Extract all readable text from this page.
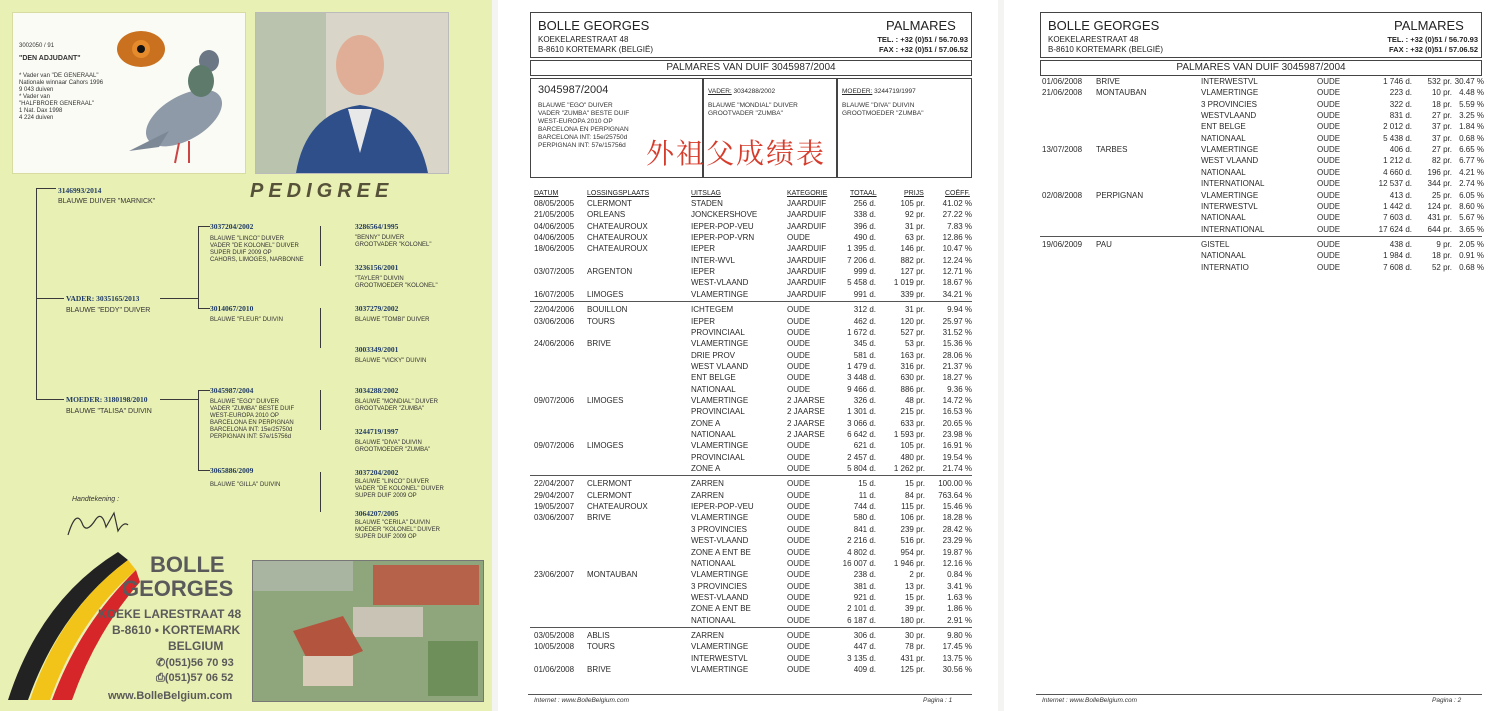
3002050 / 91
"DEN ADJUDANT"
* Vader van "DE GENERAAL"
Nationale winnaar Cahors 1996
9 043 duiven
* Vader van
"HALFBROER GENERAAL"
1 Nat. Dax 1998
4 224 duiven
PEDIGREE
3146993/2014
BLAUWE DUIVER "MARNICK"
VADER: 3035165/2013
BLAUWE "EDDY" DUIVER
MOEDER: 3180198/2010
BLAUWE "TALISA" DUIVIN
3037204/2002
BLAUWE "LINCO" DUIVER
VADER "DE KOLONEL" DUIVER
SUPER DUIF 2009 OP
CAHORS, LIMOGES, NARBONNE
3014067/2010
BLAUWE "FLEUR" DUIVIN
3045987/2004
BLAUWE "EGO" DUIVER
VADER "ZUMBA" BESTE DUIF
WEST-EUROPA 2010 OP
BARCELONA EN PERPIGNAN
BARCELONA INT: 15e/25750d
PERPIGNAN INT: 57e/15756d
3065886/2009
BLAUWE "GILLA" DUIVIN
3286564/1995
"BENNY" DUIVER
GROOTVADER "KOLONEL"
3236156/2001
"TAYLER" DUIVIN
GROOTMOEDER "KOLONEL"
3037279/2002
BLAUWE "TOMBI" DUIVER
3003349/2001
BLAUWE "VICKY" DUIVIN
3034288/2002
BLAUWE "MONDIAL" DUIVER
GROOTVADER "ZUMBA"
3244719/1997
BLAUWE "DIVA" DUIVIN
GROOTMOEDER "ZUMBA"
3037204/2002
BLAUWE "LINCO" DUIVER
VADER "DE KOLONEL" DUIVER
SUPER DUIF 2009 OP
3064207/2005
BLAUWE "CERILA" DUIVIN
MOEDER "KOLONEL" DUIVER
SUPER DUIF 2009 OP
Handtekening :
BOLLE
GEORGES
KOEKE LARESTRAAT 48
B-8610 • KORTEMARK
BELGIUM
✆(051)56 70 93
⎙(051)57 06 52
www.BolleBelgium.com
BOLLE GEORGES	PALMARES
KOEKELARESTRAAT 48
B-8610 KORTEMARK (BELGIË)
TEL. : +32 (0)51 / 56.70.93
FAX : +32 (0)51 / 57.06.52
PALMARES VAN DUIF 3045987/2004
3045987/2004
BLAUWE "EGO" DUIVER
VADER "ZUMBA" BESTE DUIF
WEST-EUROPA 2010 OP
BARCELONA EN PERPIGNAN
BARCELONA INT: 15e/25750d
PERPIGNAN INT: 57e/15756d
VADER: 3034288/2002
BLAUWE "MONDIAL" DUIVER
GROOTVADER "ZUMBA"
MOEDER: 3244719/1997
BLAUWE "DIVA" DUIVIN
GROOTMOEDER "ZUMBA"
外祖父成绩表
DATUM	LOSSINGSPLAATS	UITSLAG	KATEGORIE	TOTAAL	PRIJS	COËFF.
08/05/2005 CLERMONT	STADEN	JAARDUIF	256 d.	105 pr. 41.02 %
21/05/2005 ORLEANS	JONCKERSHOVE	JAARDUIF	338 d.	92 pr. 27.22 %
04/06/2005 CHATEAUROUX	IEPER-POP-VEU	JAARDUIF	396 d.	31 pr.	7.83 %
04/06/2005 CHATEAUROUX	IEPER-POP-VRN	OUDE	490 d.	63 pr. 12.86 %
18/06/2005 CHATEAUROUX	IEPER	JAARDUIF	1 395 d.	146 pr. 10.47 %
INTER-WVL	JAARDUIF	7 206 d.	882 pr. 12.24 %
03/07/2005 ARGENTON	IEPER	JAARDUIF	999 d.	127 pr. 12.71 %
WEST-VLAAND	JAARDUIF	5 458 d. 1 019 pr. 18.67 %
16/07/2005 LIMOGES	VLAMERTINGE	JAARDUIF	991 d.	339 pr. 34.21 %
22/04/2006 BOUILLON	ICHTEGEM	OUDE	312 d.	31 pr.	9.94 %
03/06/2006 TOURS	IEPER	OUDE	462 d.	120 pr. 25.97 %
PROVINCIAAL	OUDE	1 672 d.	527 pr. 31.52 %
24/06/2006 BRIVE	VLAMERTINGE	OUDE	345 d.	53 pr. 15.36 %
DRIE PROV	OUDE	581 d.	163 pr. 28.06 %
WEST VLAAND	OUDE	1 479 d.	316 pr. 21.37 %
ENT BELGE	OUDE	3 448 d.	630 pr. 18.27 %
NATIONAAL	OUDE	9 466 d.	886 pr.	9.36 %
09/07/2006 LIMOGES	VLAMERTINGE	2 JAARSE	326 d.	48 pr. 14.72 %
PROVINCIAAL	2 JAARSE	1 301 d.	215 pr. 16.53 %
ZONE A	2 JAARSE	3 066 d.	633 pr. 20.65 %
NATIONAAL	2 JAARSE	6 642 d. 1 593 pr. 23.98 %
09/07/2006 LIMOGES	VLAMERTINGE	OUDE	621 d.	105 pr. 16.91 %
PROVINCIAAL	OUDE	2 457 d.	480 pr. 19.54 %
ZONE A	OUDE	5 804 d. 1 262 pr. 21.74 %
22/04/2007 CLERMONT	ZARREN	OUDE	15 d.	15 pr. 100.00 %
29/04/2007 CLERMONT	ZARREN	OUDE	11 d.	84 pr. 763.64 %
19/05/2007 CHATEAUROUX	IEPER-POP-VEU	OUDE	744 d.	115 pr. 15.46 %
03/06/2007 BRIVE	VLAMERTINGE	OUDE	580 d.	106 pr. 18.28 %
3 PROVINCIES	OUDE	841 d.	239 pr. 28.42 %
WEST-VLAAND	OUDE	2 216 d.	516 pr. 23.29 %
ZONE A ENT BE	OUDE	4 802 d.	954 pr. 19.87 %
NATIONAAL	OUDE	16 007 d. 1 946 pr. 12.16 %
23/06/2007 MONTAUBAN	VLAMERTINGE	OUDE	238 d.	2 pr.	0.84 %
3 PROVINCIES	OUDE	381 d.	13 pr.	3.41 %
WEST-VLAAND	OUDE	921 d.	15 pr.	1.63 %
ZONE A ENT BE	OUDE	2 101 d.	39 pr.	1.86 %
NATIONAAL	OUDE	6 187 d.	180 pr.	2.91 %
03/05/2008 ABLIS	ZARREN	OUDE	306 d.	30 pr.	9.80 %
10/05/2008 TOURS	VLAMERTINGE	OUDE	447 d.	78 pr. 17.45 %
INTERWESTVL	OUDE	3 135 d.	431 pr. 13.75 %
01/06/2008 BRIVE	VLAMERTINGE	OUDE	409 d.	125 pr. 30.56 %
Internet : www.BolleBelgium.com	Pagina : 1
BOLLE GEORGES	PALMARES
KOEKELARESTRAAT 48
B-8610 KORTEMARK (BELGIË)
TEL. : +32 (0)51 / 56.70.93
FAX : +32 (0)51 / 57.06.52
PALMARES VAN DUIF 3045987/2004
01/06/2008 BRIVE	INTERWESTVL	OUDE	1 746 d. 532 pr. 30.47 %
21/06/2008 MONTAUBAN	VLAMERTINGE	OUDE	223 d. 10 pr. 4.48 %
3 PROVINCIES	OUDE	322 d. 18 pr. 5.59 %
WESTVLAAND	OUDE	831 d. 27 pr. 3.25 %
ENT BELGE	OUDE	2 012 d. 37 pr. 1.84 %
NATIONAAL	OUDE	5 438 d. 37 pr. 0.68 %
13/07/2008 TARBES	VLAMERTINGE	OUDE	406 d. 27 pr. 6.65 %
WEST VLAAND	OUDE	1 212 d. 82 pr. 6.77 %
NATIONAAL	OUDE	4 660 d. 196 pr. 4.21 %
INTERNATIONAL	OUDE	12 537 d. 344 pr. 2.74 %
02/08/2008 PERPIGNAN	VLAMERTINGE	OUDE	413 d. 25 pr. 6.05 %
INTERWESTVL	OUDE	1 442 d. 124 pr. 8.60 %
NATIONAAL	OUDE	7 603 d. 431 pr. 5.67 %
INTERNATIONAL	OUDE	17 624 d. 644 pr. 3.65 %
19/06/2009 PAU	GISTEL	OUDE	438 d.	9 pr. 2.05 %
NATIONAAL	OUDE	1 984 d. 18 pr. 0.91 %
INTERNATIO	OUDE	7 608 d. 52 pr. 0.68 %
Internet : www.BolleBelgium.com	Pagina : 2
